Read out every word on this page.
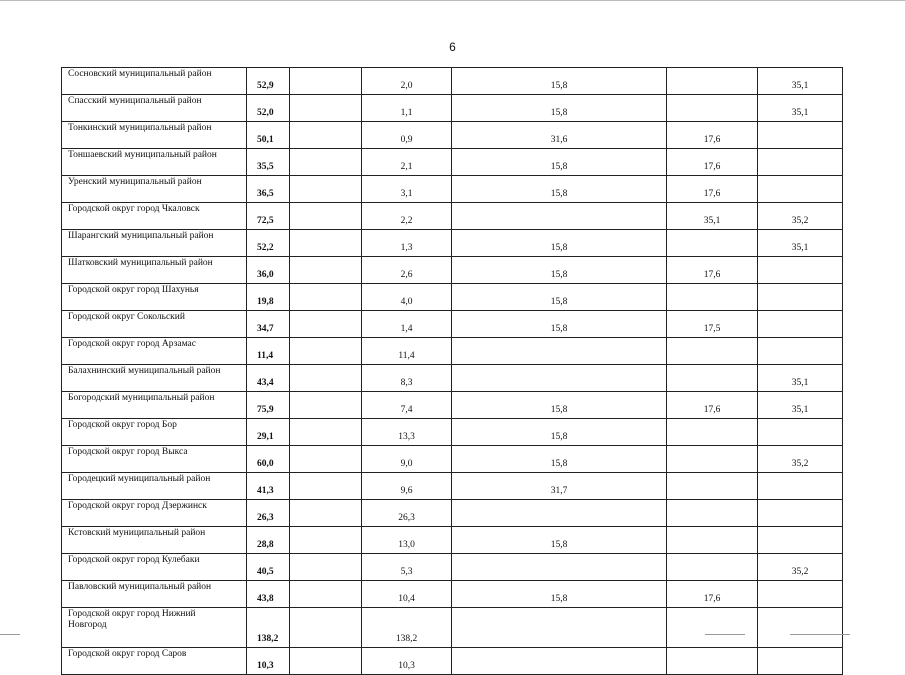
6
Сосновский муниципальный район	52,9		2,0	15,8		35,1
Спасский муниципальный район	52,0		1,1	15,8		35,1
Тонкинский муниципальный район	50,1		0,9	31,6	17,6	
Тоншаевский муниципальный район	35,5		2,1	15,8	17,6	
Уренский муниципальный район	36,5		3,1	15,8	17,6	
Городской округ город Чкаловск	72,5		2,2		35,1	35,2
Шарангский муниципальный район	52,2		1,3	15,8		35,1
Шатковский муниципальный район	36,0		2,6	15,8	17,6	
Городской округ город Шахунья	19,8		4,0	15,8		
Городской округ Сокольский	34,7		1,4	15,8	17,5	
Городской округ город Арзамас	11,4		11,4			
Балахнинский муниципальный район	43,4		8,3			35,1
Богородский муниципальный район	75,9		7,4	15,8	17,6	35,1
Городской округ город Бор	29,1		13,3	15,8		
Городской округ город Выкса	60,0		9,0	15,8		35,2
Городецкий муниципальный район	41,3		9,6	31,7		
Городской округ город Дзержинск	26,3		26,3			
Кстовский муниципальный район	28,8		13,0	15,8		
Городской округ город Кулебаки	40,5		5,3			35,2
Павловский муниципальный район	43,8		10,4	15,8	17,6	
Городской округ город Нижний
Новгород	138,2		138,2			
Городской округ город Саров	10,3		10,3			
